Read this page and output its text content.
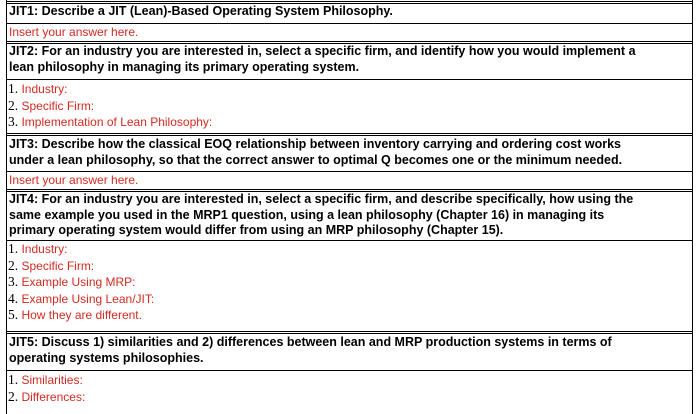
JIT1: Describe a JIT (Lean)-Based Operating System Philosophy.
Insert your answer here.
JIT2: For an industry you are interested in, select a specific firm, and identify how you would implement a
lean philosophy in managing its primary operating system.
1. Industry:
2. Specific Firm:
3. Implementation of Lean Philosophy:
JIT3: Describe how the classical EOQ relationship between inventory carrying and ordering cost works
under a lean philosophy, so that the correct answer to optimal Q becomes one or the minimum needed.
Insert your answer here.
JIT4: For an industry you are interested in, select a specific firm, and describe specifically, how using the
same example you used in the MRP1 question, using a lean philosophy (Chapter 16) in managing its
primary operating system would differ from using an MRP philosophy (Chapter 15).
1. Industry:
2. Specific Firm:
3. Example Using MRP:
4. Example Using Lean/JIT:
5. How they are different.
JIT5: Discuss 1) similarities and 2) differences between lean and MRP production systems in terms of
operating systems philosophies.
1. Similarities:
2. Differences:
